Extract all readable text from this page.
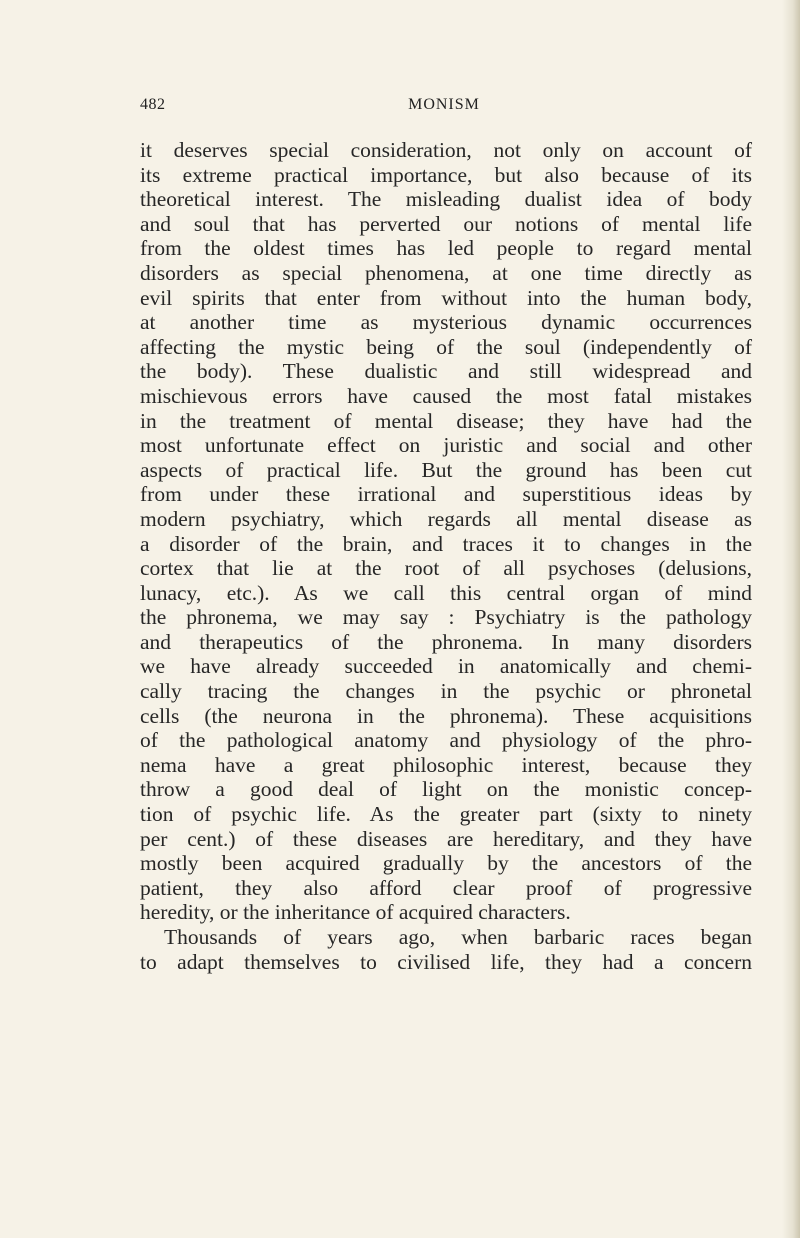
482	MONISM
it deserves special consideration, not only on account of
its extreme practical importance, but also because of its
theoretical interest. The misleading dualist idea of body
and soul that has perverted our notions of mental life
from the oldest times has led people to regard mental
disorders as special phenomena, at one time directly as
evil spirits that enter from without into the human body,
at another time as mysterious dynamic occurrences
affecting the mystic being of the soul (independently of
the body). These dualistic and still widespread and
mischievous errors have caused the most fatal mistakes
in the treatment of mental disease; they have had the
most unfortunate effect on juristic and social and other
aspects of practical life. But the ground has been cut
from under these irrational and superstitious ideas by
modern psychiatry, which regards all mental disease as
a disorder of the brain, and traces it to changes in the
cortex that lie at the root of all psychoses (delusions,
lunacy, etc.). As we call this central organ of mind
the phronema, we may say : Psychiatry is the pathology
and therapeutics of the phronema. In many disorders
we have already succeeded in anatomically and chemi-
cally tracing the changes in the psychic or phronetal
cells (the neurona in the phronema). These acquisitions
of the pathological anatomy and physiology of the phro-
nema have a great philosophic interest, because they
throw a good deal of light on the monistic concep-
tion of psychic life. As the greater part (sixty to ninety
per cent.) of these diseases are hereditary, and they have
mostly been acquired gradually by the ancestors of the
patient, they also afford clear proof of progressive
heredity, or the inheritance of acquired characters.
Thousands of years ago, when barbaric races began
to adapt themselves to civilised life, they had a concern
